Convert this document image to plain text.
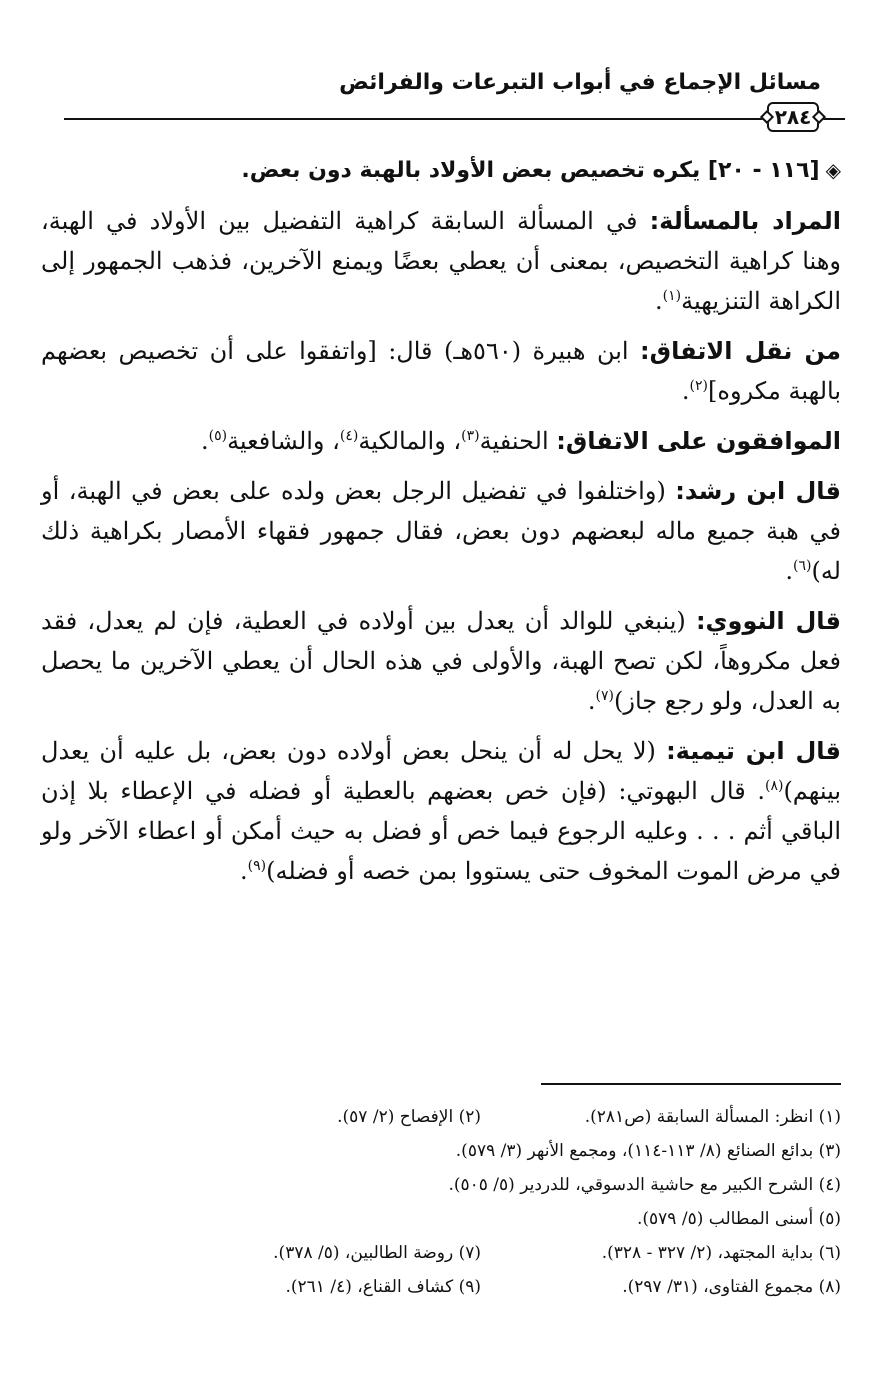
مسائل الإجماع في أبواب التبرعات والفرائض
٢٨٤
◈[١١٦ - ٢٠] يكره تخصيص بعض الأولاد بالهبة دون بعض.

المراد بالمسألة: في المسألة السابقة كراهية التفضيل بين الأولاد في الهبة، وهنا كراهية التخصيص، بمعنى أن يعطي بعضًا ويمنع الآخرين، فذهب الجمهور إلى الكراهة التنزيهية$^{(١)}$.

من نقل الاتفاق: ابن هبيرة (٥٦٠هـ) قال: [واتفقوا على أن تخصيص بعضهم بالهبة مكروه]$^{(٢)}$.

الموافقون على الاتفاق: الحنفية$^{(٣)}$، والمالكية$^{(٤)}$، والشافعية$^{(٥)}$.

قال ابن رشد: (واختلفوا في تفضيل الرجل بعض ولده على بعض في الهبة، أو في هبة جميع ماله لبعضهم دون بعض، فقال جمهور فقهاء الأمصار بكراهية ذلك له)$^{(٦)}$.

قال النووي: (ينبغي للوالد أن يعدل بين أولاده في العطية، فإن لم يعدل، فقد فعل مكروهاً، لكن تصح الهبة، والأولى في هذه الحال أن يعطي الآخرين ما يحصل به العدل، ولو رجع جاز)$^{(٧)}$.

قال ابن تيمية: (لا يحل له أن ينحل بعض أولاده دون بعض، بل عليه أن يعدل بينهم)$^{(٨)}$. قال البهوتي: (فإن خص بعضهم بالعطية أو فضله في الإعطاء بلا إذن الباقي أثم . . . وعليه الرجوع فيما خص أو فضل به حيث أمكن أو اعطاء الآخر ولو في مرض الموت المخوف حتى يستووا بمن خصه أو فضله)$^{(٩)}$.

(١) انظر: المسألة السابقة (ص٢٨١).
(٢) الإفصاح (٢/ ٥٧).
(٣) بدائع الصنائع (٨/ ١١٣-١١٤)، ومجمع الأنهر (٣/ ٥٧٩).
(٤) الشرح الكبير مع حاشية الدسوقي، للدردير (٥/ ٥٠٥).
(٥) أسنى المطالب (٥/ ٥٧٩).
(٦) بداية المجتهد، (٢/ ٣٢٧ - ٣٢٨).
(٧) روضة الطالبين، (٥/ ٣٧٨).
(٨) مجموع الفتاوى، (٣١/ ٢٩٧).
(٩) كشاف القناع، (٤/ ٢٦١).
